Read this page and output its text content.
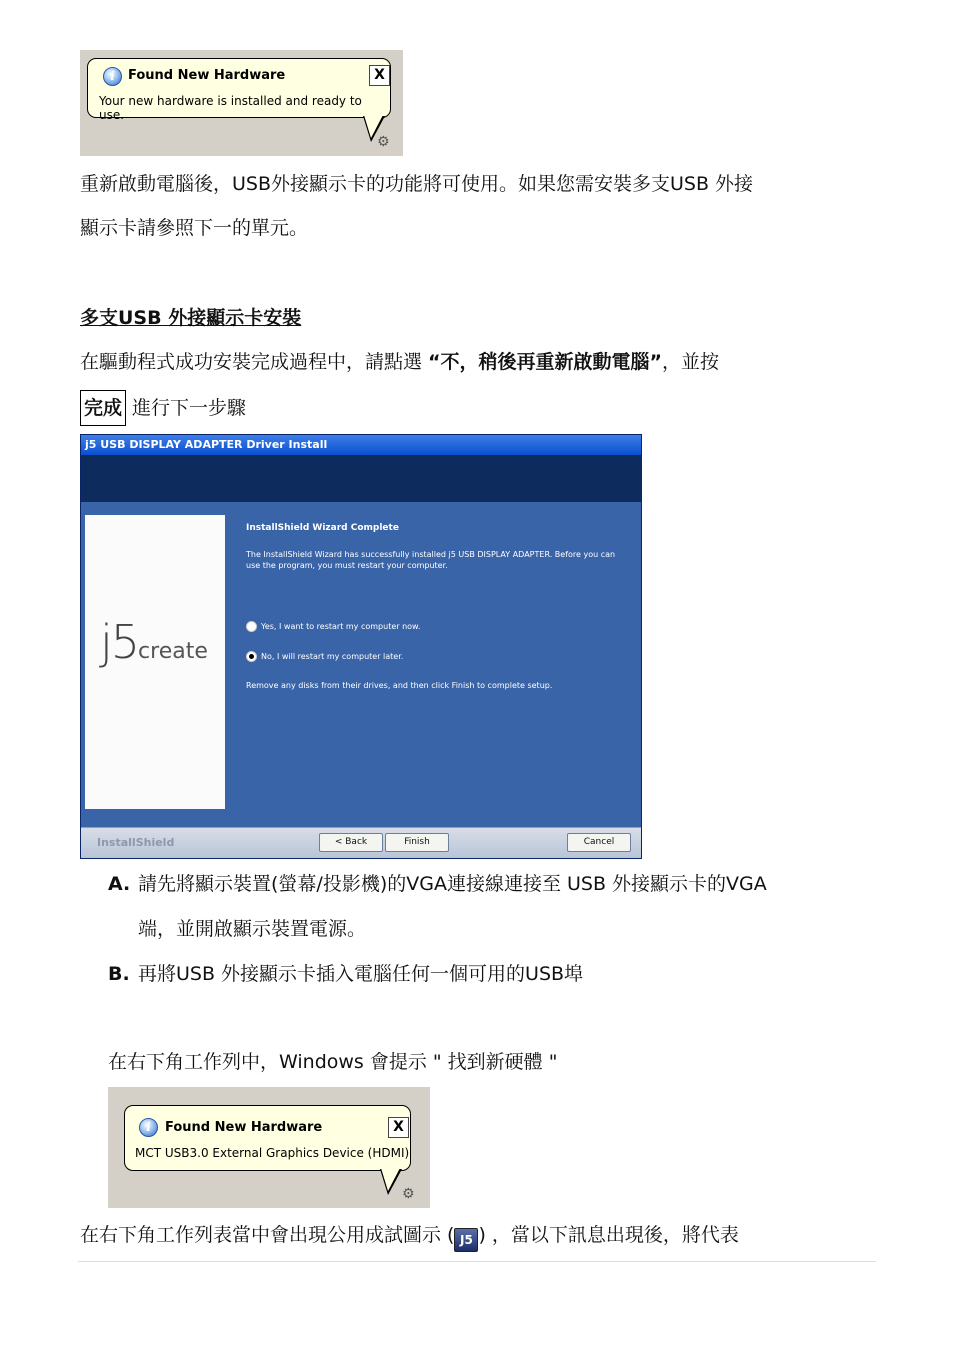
i	Found New Hardware	X
Your new hardware is installed and ready to use.
⚙
重新啟動電腦後，USB外接顯示卡的功能將可使用。如果您需安裝多支USB 外接
顯示卡請參照下一的單元。
多支USB 外接顯示卡安裝
在驅動程式成功安裝完成過程中，請點選 “不，稍後再重新啟動電腦”，並按
完成 進行下一步驟
j5 USB DISPLAY ADAPTER Driver Install
j5create
InstallShield Wizard Complete
The InstallShield Wizard has successfully installed j5 USB DISPLAY ADAPTER. Before you can
use the program, you must restart your computer.
Yes, I want to restart my computer now.
No, I will restart my computer later.
Remove any disks from their drives, and then click Finish to complete setup.
InstallShield	< Back	Finish	Cancel
A. 請先將顯示裝置(螢幕/投影機)的VGA連接線連接至 USB 外接顯示卡的VGA
端，並開啟顯示裝置電源。
B. 再將USB 外接顯示卡插入電腦任何一個可用的USB埠
在右下角工作列中，Windows 會提示 " 找到新硬體 "
i	Found New Hardware	X
MCT USB3.0 External Graphics Device (HDMI)
⚙
在右下角工作列表當中會出現公用成試圖示 ( J5 ) ，當以下訊息出現後，將代表
